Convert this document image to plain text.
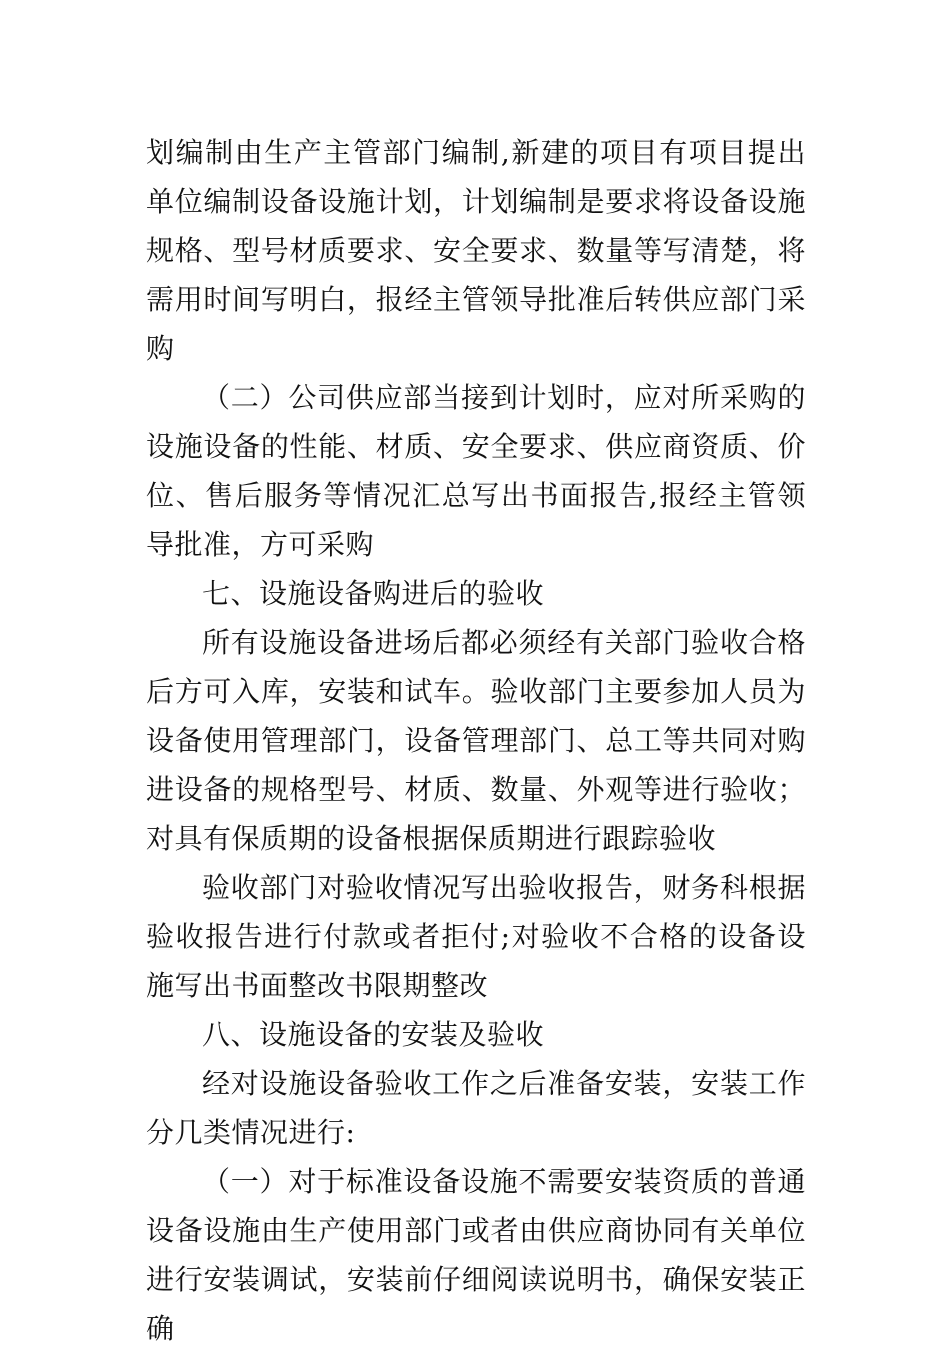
划编制由生产主管部门编制,新建的项目有项目提出单位编制设备设施计划，计划编制是要求将设备设施规格、型号材质要求、安全要求、数量等写清楚，将需用时间写明白，报经主管领导批准后转供应部门采购

（二）公司供应部当接到计划时，应对所采购的设施设备的性能、材质、安全要求、供应商资质、价位、售后服务等情况汇总写出书面报告,报经主管领导批准，方可采购

七、设施设备购进后的验收

所有设施设备进场后都必须经有关部门验收合格后方可入库，安装和试车。验收部门主要参加人员为设备使用管理部门，设备管理部门、总工等共同对购进设备的规格型号、材质、数量、外观等进行验收；对具有保质期的设备根据保质期进行跟踪验收

验收部门对验收情况写出验收报告，财务科根据验收报告进行付款或者拒付;对验收不合格的设备设施写出书面整改书限期整改

八、设施设备的安装及验收

经对设施设备验收工作之后准备安装，安装工作分几类情况进行:

（一）对于标准设备设施不需要安装资质的普通设备设施由生产使用部门或者由供应商协同有关单位进行安装调试，安装前仔细阅读说明书，确保安装正确
